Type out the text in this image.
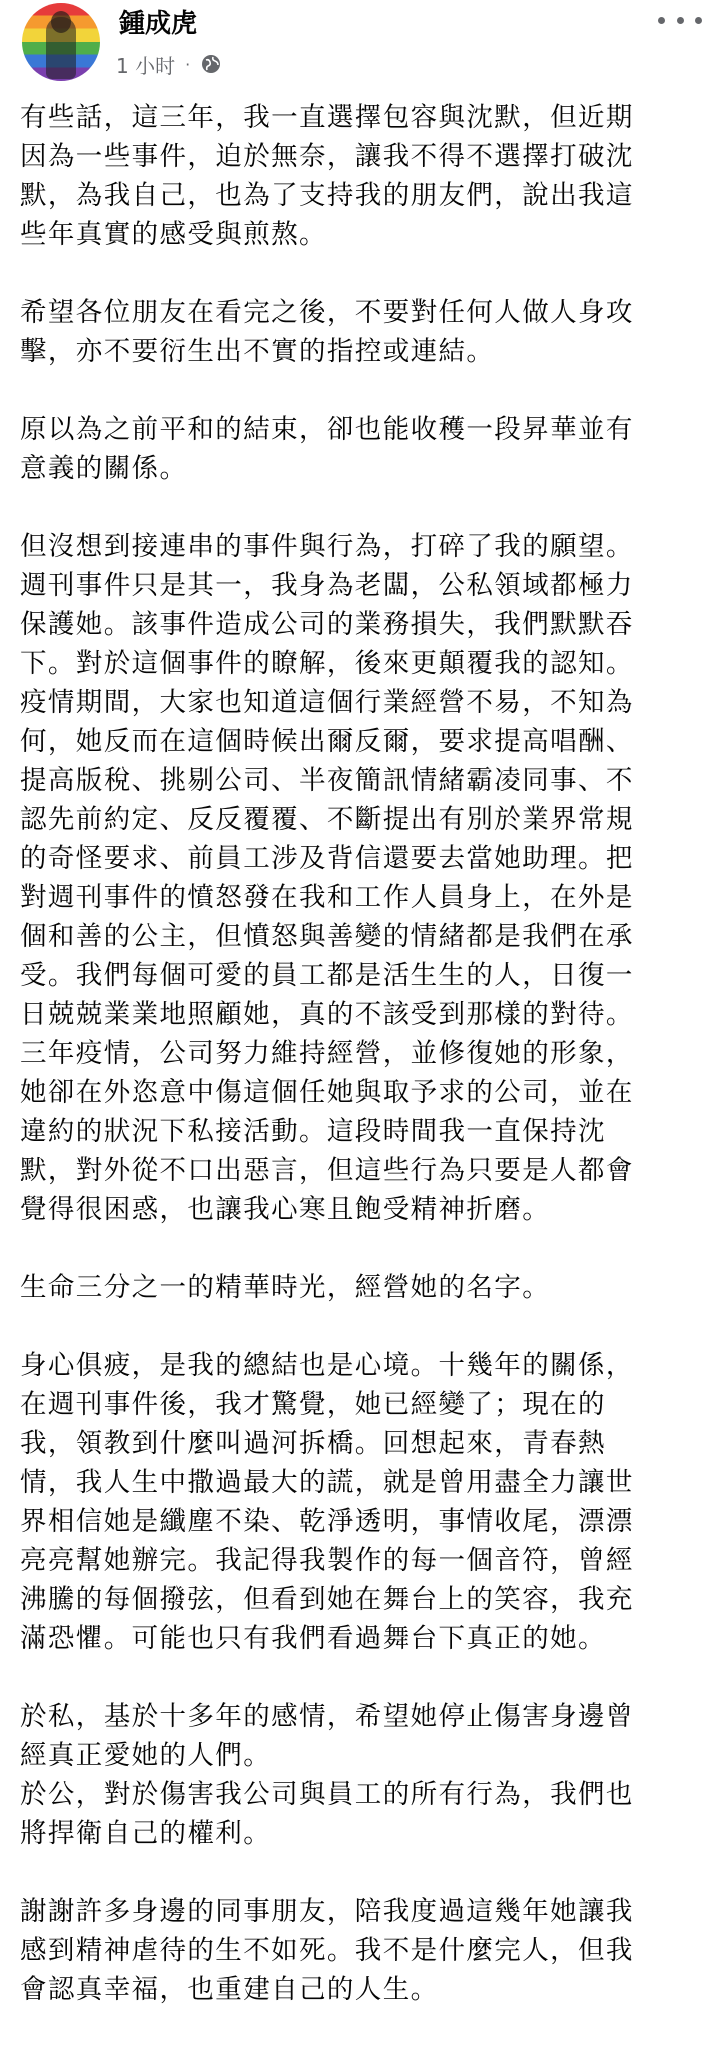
鍾成虎
1 小时 ·

有些話，這三年，我一直選擇包容與沈默，但近期
因為一些事件，迫於無奈，讓我不得不選擇打破沈
默，為我自己，也為了支持我的朋友們，說出我這
些年真實的感受與煎熬。

希望各位朋友在看完之後，不要對任何人做人身攻
擊，亦不要衍生出不實的指控或連結。

原以為之前平和的結束，卻也能收穫一段昇華並有
意義的關係。

但沒想到接連串的事件與行為，打碎了我的願望。
週刊事件只是其一，我身為老闆，公私領域都極力
保護她。該事件造成公司的業務損失，我們默默吞
下。對於這個事件的瞭解，後來更顛覆我的認知。
疫情期間，大家也知道這個行業經營不易，不知為
何，她反而在這個時候出爾反爾，要求提高唱酬、
提高版稅、挑剔公司、半夜簡訊情緒霸凌同事、不
認先前約定、反反覆覆、不斷提出有別於業界常規
的奇怪要求、前員工涉及背信還要去當她助理。把
對週刊事件的憤怒發在我和工作人員身上，在外是
個和善的公主，但憤怒與善變的情緒都是我們在承
受。我們每個可愛的員工都是活生生的人，日復一
日兢兢業業地照顧她，真的不該受到那樣的對待。
三年疫情，公司努力維持經營，並修復她的形象，
她卻在外恣意中傷這個任她與取予求的公司，並在
違約的狀況下私接活動。這段時間我一直保持沈
默，對外從不口出惡言，但這些行為只要是人都會
覺得很困惑，也讓我心寒且飽受精神折磨。

生命三分之一的精華時光，經營她的名字。

身心俱疲，是我的總結也是心境。十幾年的關係，
在週刊事件後，我才驚覺，她已經變了；現在的
我，領教到什麼叫過河拆橋。回想起來，青春熱
情，我人生中撒過最大的謊，就是曾用盡全力讓世
界相信她是纖塵不染、乾淨透明，事情收尾，漂漂
亮亮幫她辦完。我記得我製作的每一個音符，曾經
沸騰的每個撥弦，但看到她在舞台上的笑容，我充
滿恐懼。可能也只有我們看過舞台下真正的她。

於私，基於十多年的感情，希望她停止傷害身邊曾
經真正愛她的人們。

於公，對於傷害我公司與員工的所有行為，我們也
將捍衛自己的權利。

謝謝許多身邊的同事朋友，陪我度過這幾年她讓我
感到精神虐待的生不如死。我不是什麼完人，但我
會認真幸福，也重建自己的人生。
